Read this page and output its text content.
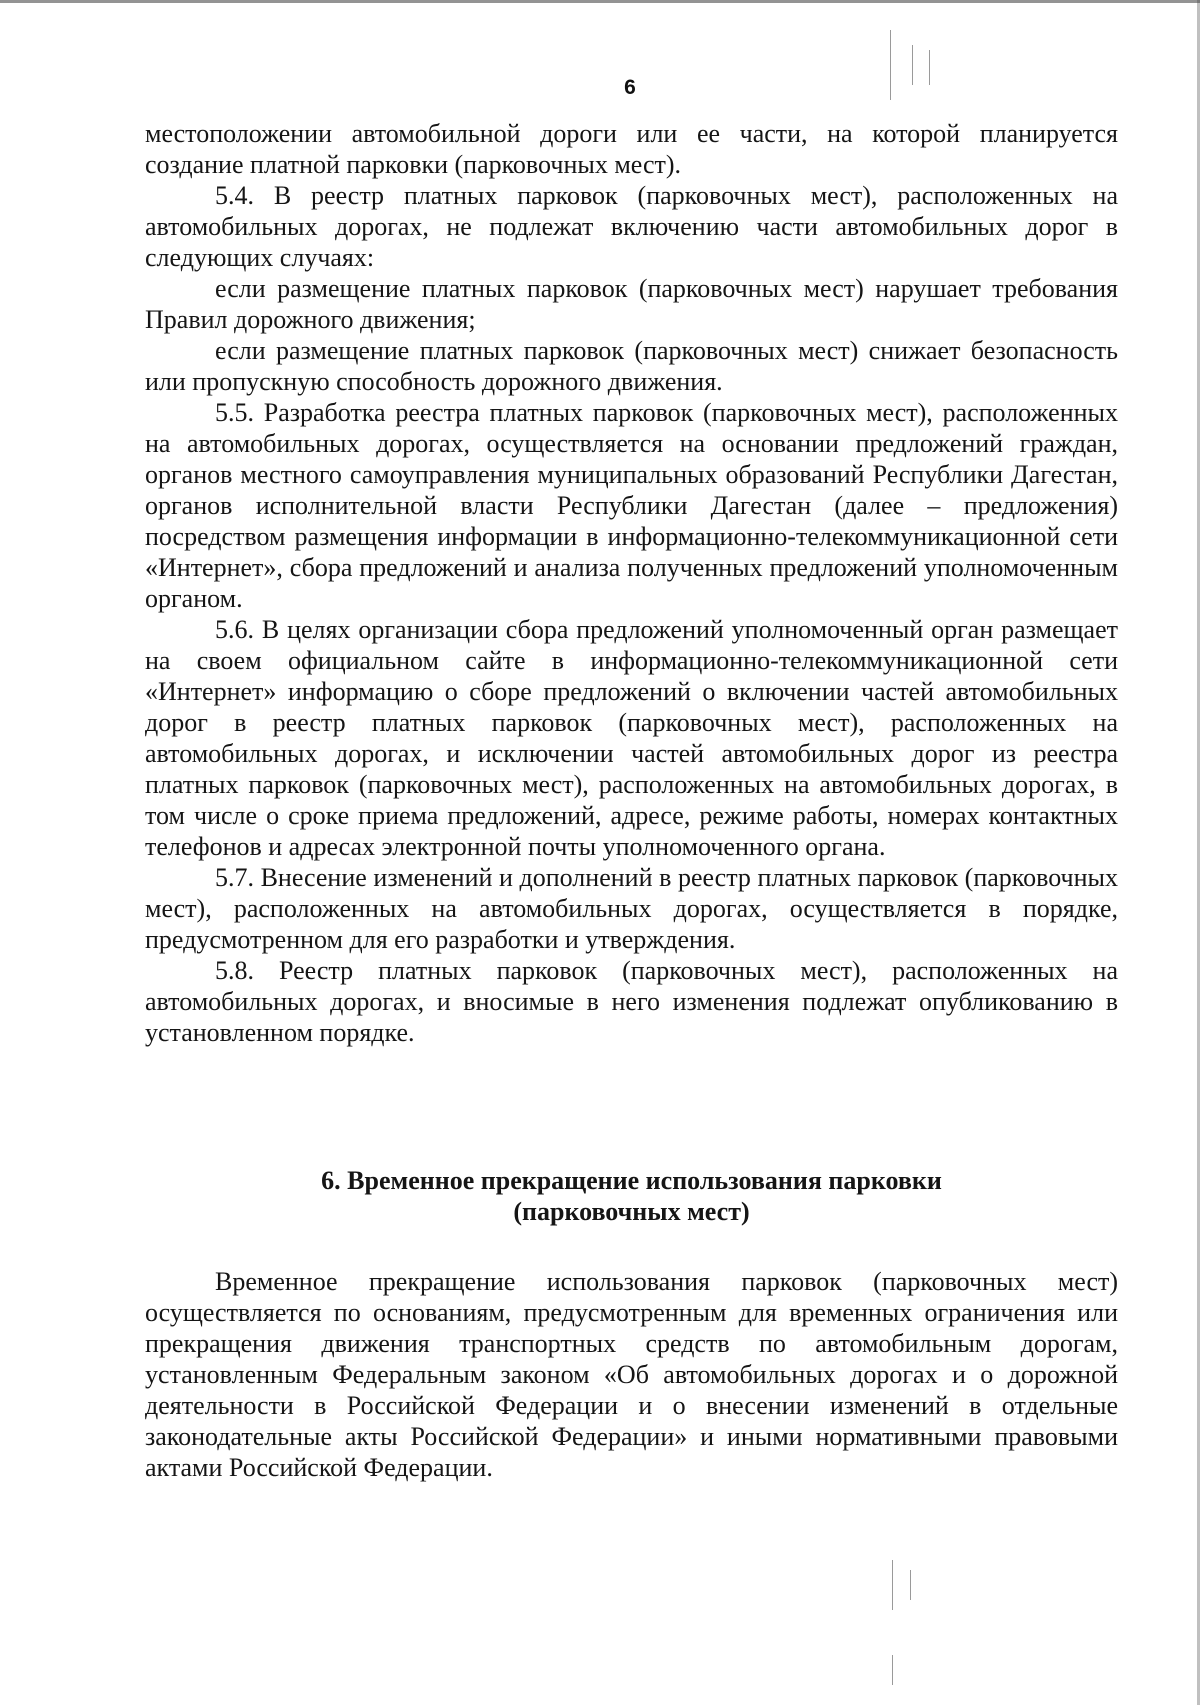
6

местоположении автомобильной дороги или ее части, на которой планируется создание платной парковки (парковочных мест).

5.4. В реестр платных парковок (парковочных мест), расположенных на автомобильных дорогах, не подлежат включению части автомобильных дорог в следующих случаях:

если размещение платных парковок (парковочных мест) нарушает требования Правил дорожного движения;

если размещение платных парковок (парковочных мест) снижает безопасность или пропускную способность дорожного движения.

5.5. Разработка реестра платных парковок (парковочных мест), расположенных на автомобильных дорогах, осуществляется на основании предложений граждан, органов местного самоуправления муниципальных образований Республики Дагестан, органов исполнительной власти Республики Дагестан (далее – предложения) посредством размещения информации в информационно-телекоммуникационной сети «Интернет», сбора предложений и анализа полученных предложений уполномоченным органом.

5.6. В целях организации сбора предложений уполномоченный орган размещает на своем официальном сайте в информационно-телекоммуникационной сети «Интернет» информацию о сборе предложений о включении частей автомобильных дорог в реестр платных парковок (парковочных мест), расположенных на автомобильных дорогах, и исключении частей автомобильных дорог из реестра платных парковок (парковочных мест), расположенных на автомобильных дорогах, в том числе о сроке приема предложений, адресе, режиме работы, номерах контактных телефонов и адресах электронной почты уполномоченного органа.

5.7. Внесение изменений и дополнений в реестр платных парковок (парковочных мест), расположенных на автомобильных дорогах, осуществляется в порядке, предусмотренном для его разработки и утверждения.

5.8. Реестр платных парковок (парковочных мест), расположенных на автомобильных дорогах, и вносимые в него изменения подлежат опубликованию в установленном порядке.

6. Временное прекращение использования парковки
(парковочных мест)

Временное прекращение использования парковок (парковочных мест) осуществляется по основаниям, предусмотренным для временных ограничения или прекращения движения транспортных средств по автомобильным дорогам, установленным Федеральным законом «Об автомобильных дорогах и о дорожной деятельности в Российской Федерации и о внесении изменений в отдельные законодательные акты Российской Федерации» и иными нормативными правовыми актами Российской Федерации.
